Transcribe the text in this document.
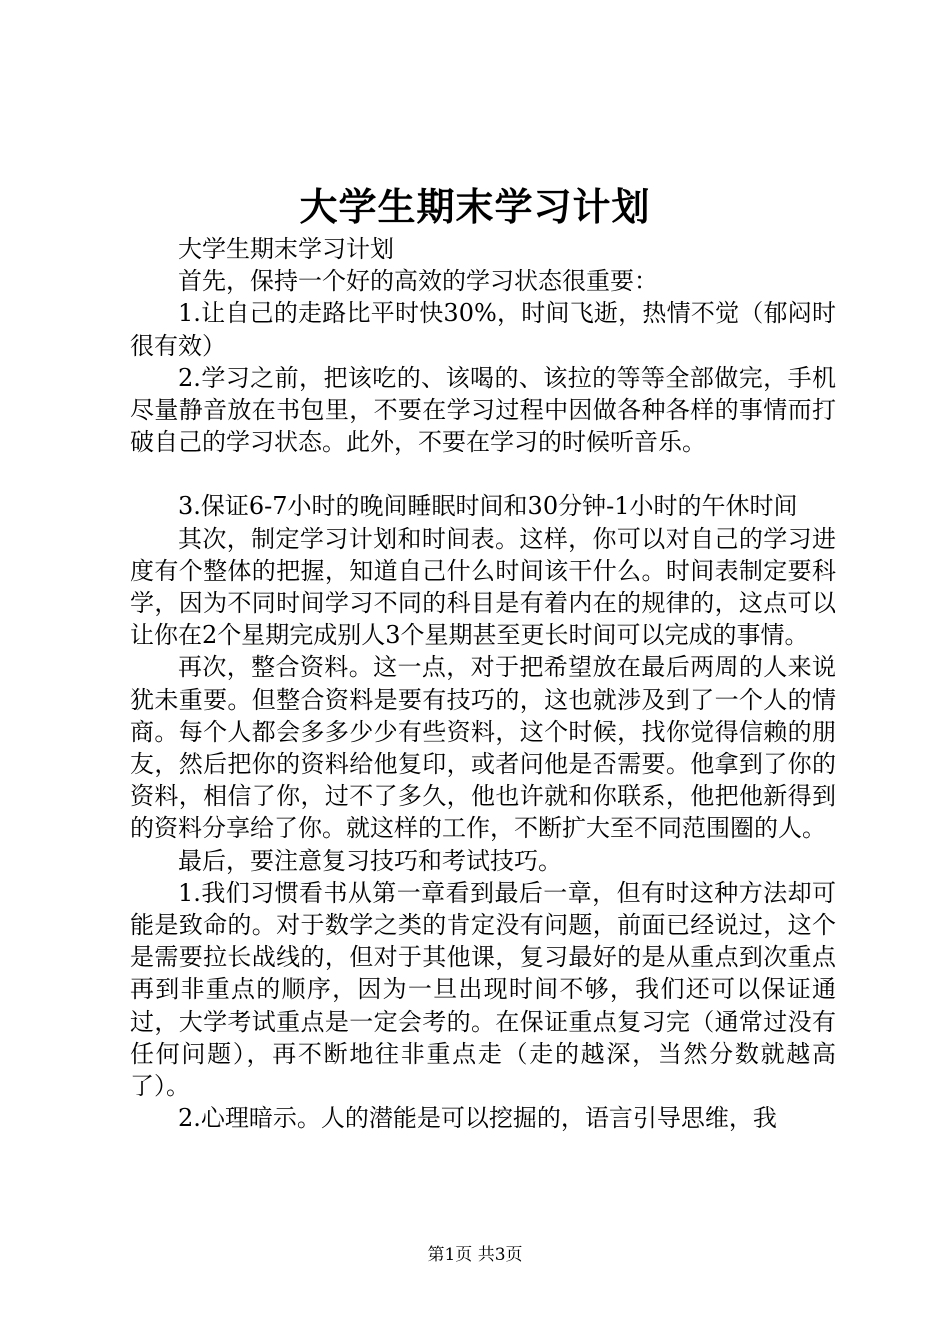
大学生期末学习计划

大学生期末学习计划

首先，保持一个好的高效的学习状态很重要：

1.让自己的走路比平时快30%，时间飞逝，热情不觉（郁闷时很有效）

2.学习之前，把该吃的、该喝的、该拉的等等全部做完，手机尽量静音放在书包里，不要在学习过程中因做各种各样的事情而打破自己的学习状态。此外，不要在学习的时候听音乐。

3.保证6-7小时的晚间睡眠时间和30分钟-1小时的午休时间

其次，制定学习计划和时间表。这样，你可以对自己的学习进度有个整体的把握，知道自己什么时间该干什么。时间表制定要科学，因为不同时间学习不同的科目是有着内在的规律的，这点可以让你在2个星期完成别人3个星期甚至更长时间可以完成的事情。

再次，整合资料。这一点，对于把希望放在最后两周的人来说犹未重要。但整合资料是要有技巧的，这也就涉及到了一个人的情商。每个人都会多多少少有些资料，这个时候，找你觉得信赖的朋友，然后把你的资料给他复印，或者问他是否需要。他拿到了你的资料，相信了你，过不了多久，他也许就和你联系，他把他新得到的资料分享给了你。就这样的工作，不断扩大至不同范围圈的人。

最后，要注意复习技巧和考试技巧。

1.我们习惯看书从第一章看到最后一章，但有时这种方法却可能是致命的。对于数学之类的肯定没有问题，前面已经说过，这个是需要拉长战线的，但对于其他课，复习最好的是从重点到次重点再到非重点的顺序，因为一旦出现时间不够，我们还可以保证通过，大学考试重点是一定会考的。在保证重点复习完（通常过没有任何问题），再不断地往非重点走（走的越深，当然分数就越高了）。

2.心理暗示。人的潜能是可以挖掘的，语言引导思维，我

第1页 共3页
